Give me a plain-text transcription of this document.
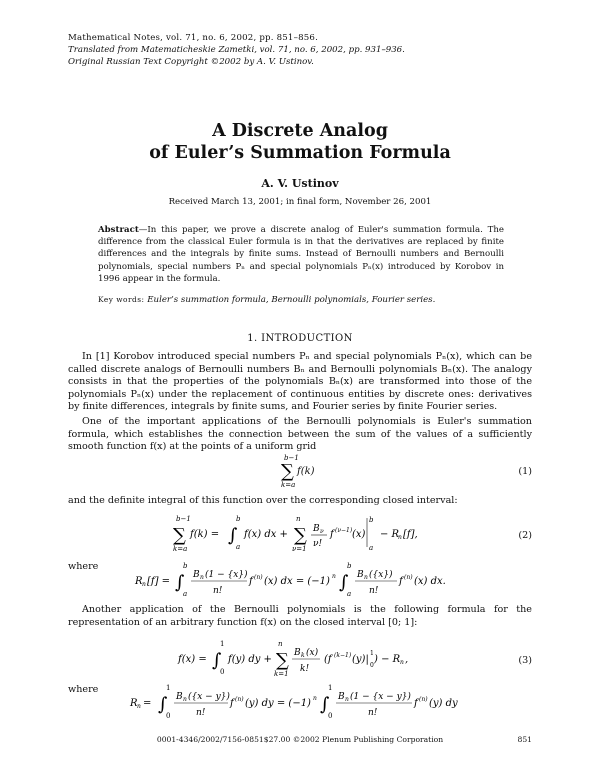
Mathematical Notes, vol. 71, no. 6, 2002, pp. 851–856.
Translated from Matematicheskie Zametki, vol. 71, no. 6, 2002, pp. 931–936.
Original Russian Text Copyright ©2002 by A. V. Ustinov.
A Discrete Analog
of Euler’s Summation Formula
A. V. Ustinov
Received March 13, 2001; in final form, November 26, 2001
Abstract—In this paper, we prove a discrete analog of Euler's summation formula. The difference from the classical Euler formula is in that the derivatives are replaced by finite differences and the integrals by finite sums. Instead of Bernoulli numbers and Bernoulli polynomials, special numbers Pₙ and special polynomials Pₙ(x) introduced by Korobov in 1996 appear in the formula.
Key words: Euler’s summation formula, Bernoulli polynomials, Fourier series.
1. INTRODUCTION
In [1] Korobov introduced special numbers Pₙ and special polynomials Pₙ(x), which can be called discrete analogs of Bernoulli numbers Bₙ and Bernoulli polynomials Bₙ(x). The analogy consists in that the properties of the polynomials Bₙ(x) are transformed into those of the polynomials Pₙ(x) under the replacement of continuous entities by discrete ones: derivatives by finite differences, integrals by finite sums, and Fourier series by finite Fourier series.
One of the important applications of the Bernoulli polynomials is Euler's summation formula, which establishes the connection between the sum of the values of a sufficiently smooth function f(x) at the points of a uniform grid
b−1
∑
k=a
f(k)	(1)
and the definite integral of this function over the corresponding closed interval:
b−1
∑
k=a
f(k) = ∫
b
a
f(x) dx + ∑
n
ν=1
B ν
ν!
f (ν−1) (x)
b
a
− R
n [f],	(2)
where
R n [f] = ∫
b
a
B n (1 − {x})
n!
f (n) (x) dx = (−1) n ∫
b
a
B n ({x})
n!
f (n) (x) dx.
Another application of the Bernoulli polynomials is the following formula for the representation of an arbitrary function f(x) on the closed interval [0; 1]:
f(x) = ∫
1
0
f(y) dy + ∑
n
k=1
B k (x)
k!
(f (k−1) (y)|
1
0
) − R n ,	(3)
where
R n = ∫
1
0
B n ({x − y})
n!
f (n) (y) dy = (−1) n ∫
1
0
B n (1 − {x − y})
n!
f (n) (y) dy
0001-4346/2002/7156-0851$27.00 ©2002 Plenum Publishing Corporation	851
